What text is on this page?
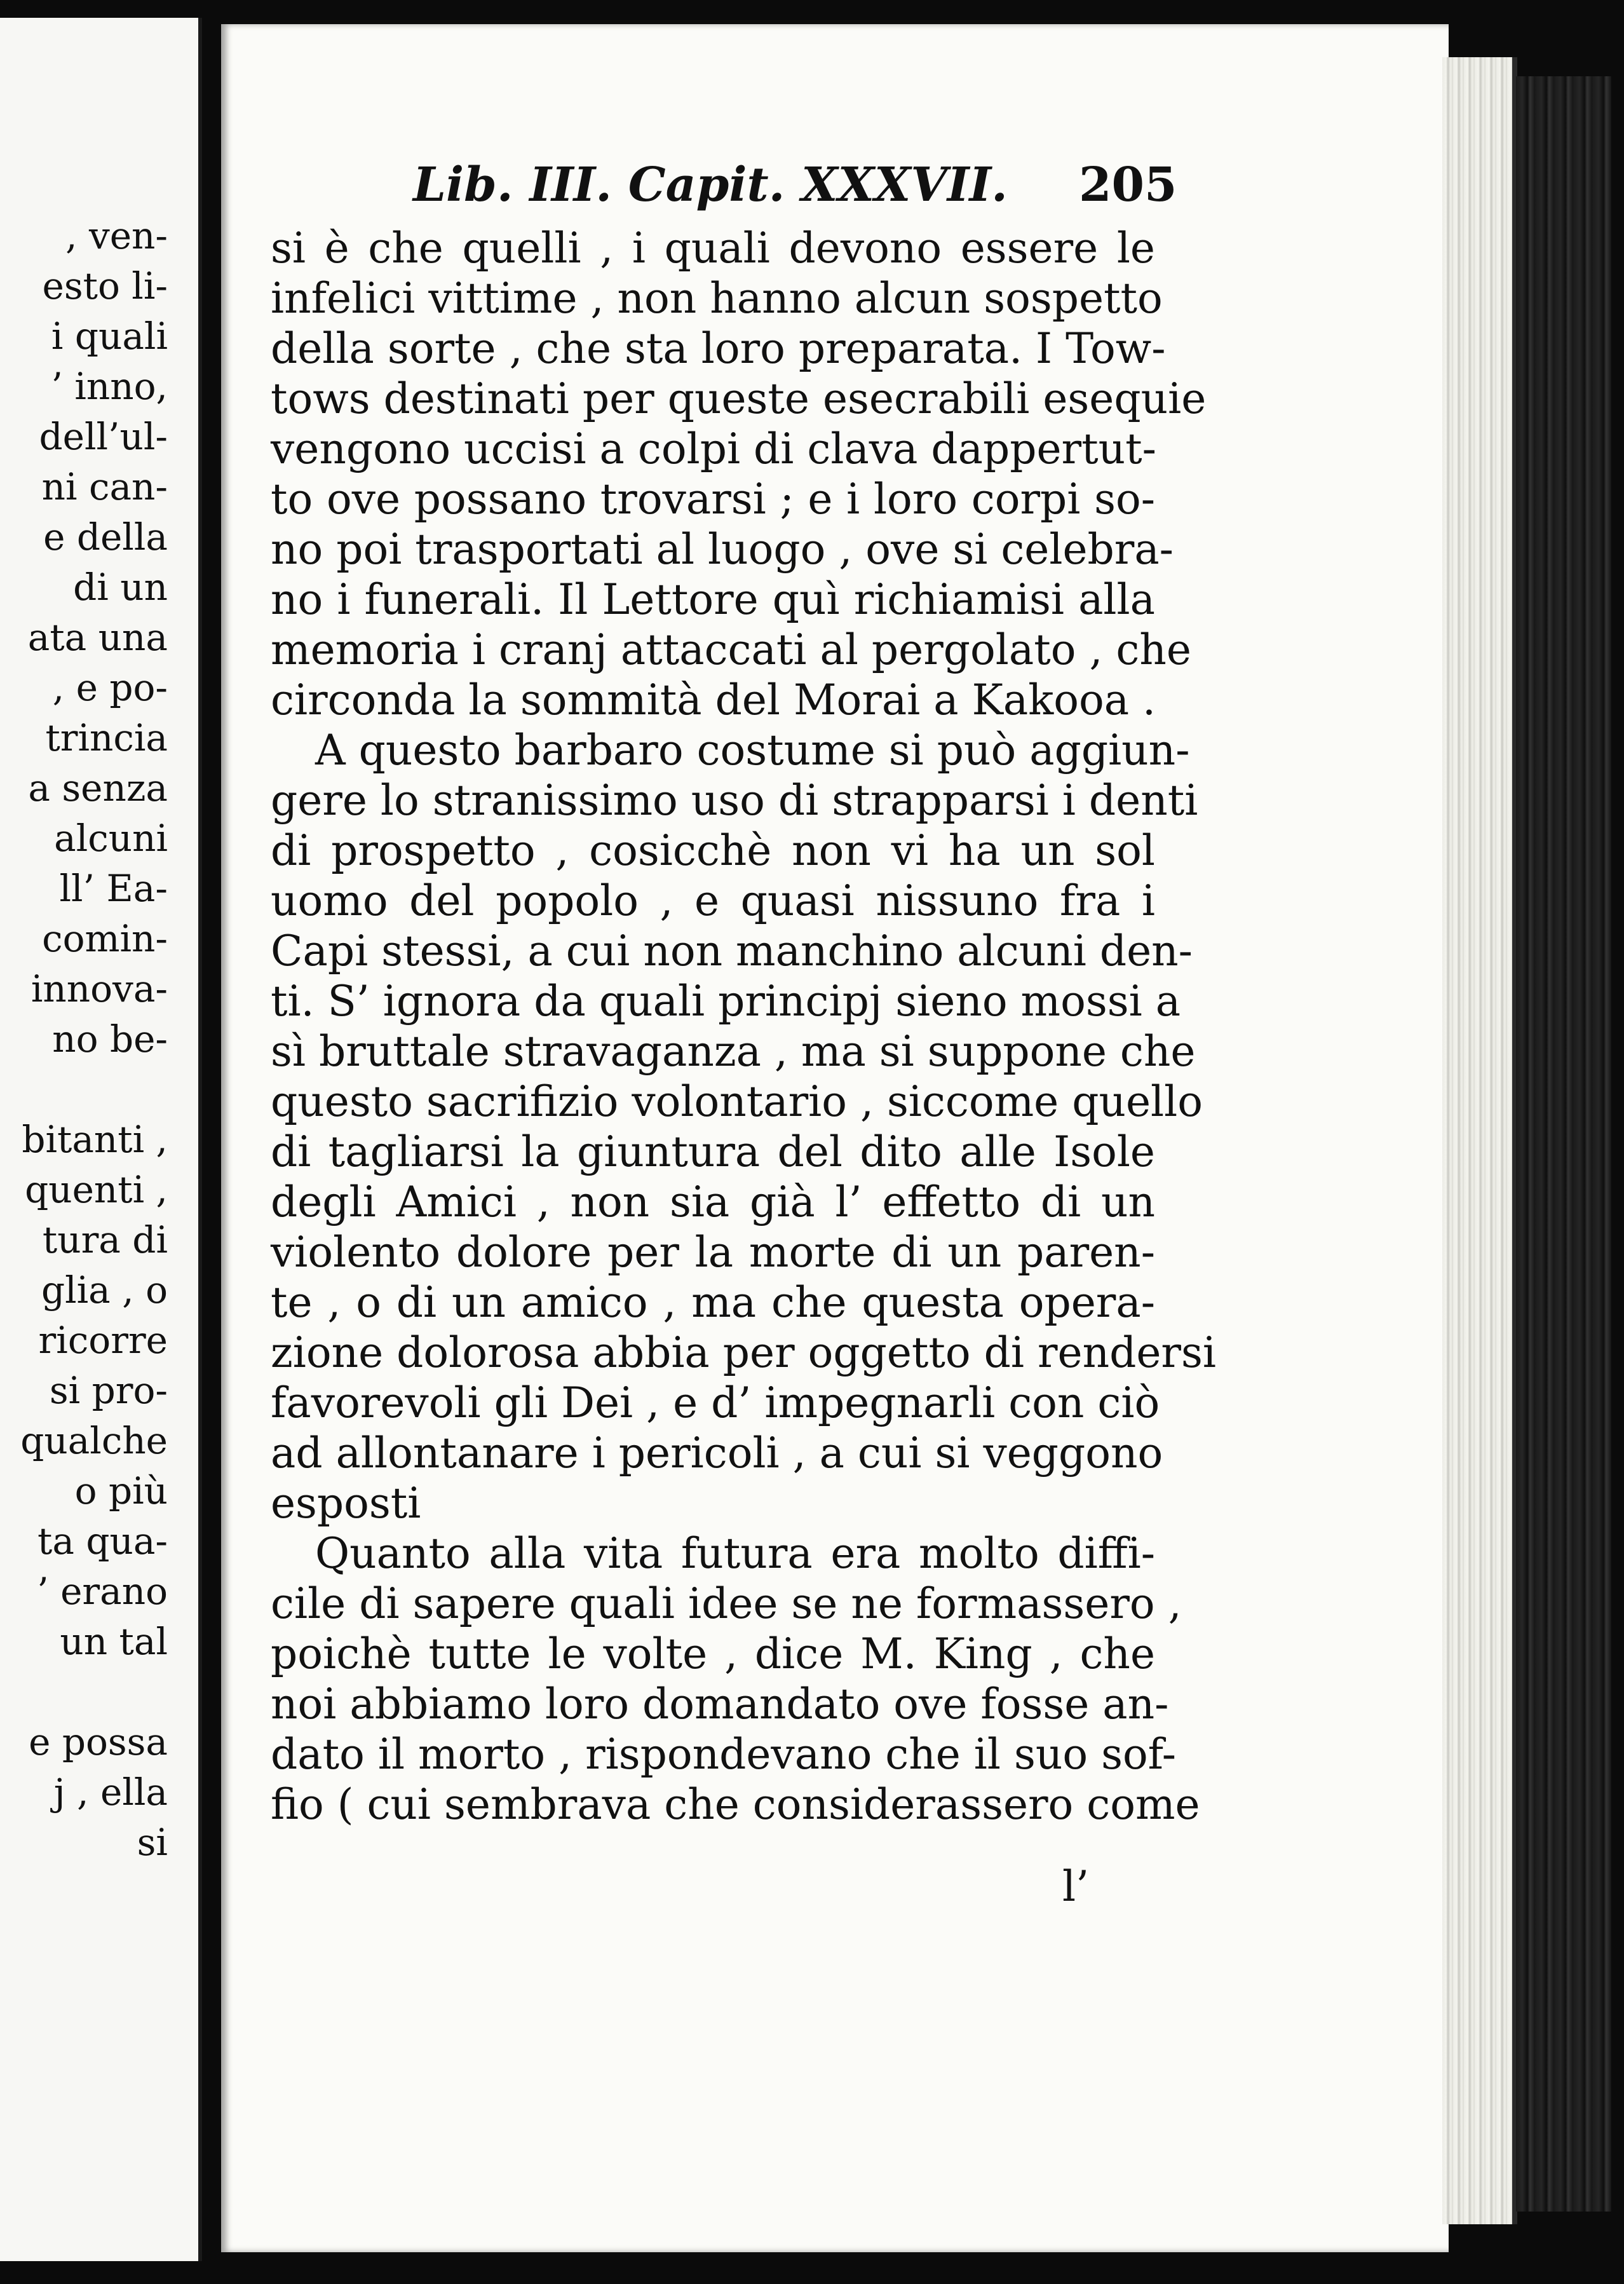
, ven-
esto li-
i quali
’ inno,
dell’ul-
ni can-
e della
di un
ata una
, e po-
trincia
a senza
alcuni
ll’ Ea-
comin-
innova-
no be-
bitanti ,
quenti ,
tura di
glia , o
ricorre
si pro-
qualche
o più
ta qua-
’ erano
un tal
e possa
j , ella
si
Lib. III. Capit. XXXVII. 205
si è che quelli , i quali devono essere le
infelici vittime , non hanno alcun sospetto
della sorte , che sta loro preparata. I Tow-
tows destinati per queste esecrabili esequie
vengono uccisi a colpi di clava dappertut-
to ove possano trovarsi ; e i loro corpi so-
no poi trasportati al luogo , ove si celebra-
no i funerali. Il Lettore quì richiamisi alla
memoria i cranj attaccati al pergolato , che
circonda la sommità del Morai a Kakooa .
A questo barbaro costume si può aggiun-
gere lo stranissimo uso di strapparsi i denti
di prospetto , cosicchè non vi ha un sol
uomo del popolo , e quasi nissuno fra i
Capi stessi, a cui non manchino alcuni den-
ti. S’ ignora da quali principj sieno mossi a
sì bruttale stravaganza , ma si suppone che
questo sacrifizio volontario , siccome quello
di tagliarsi la giuntura del dito alle Isole
degli Amici , non sia già l’ effetto di un
violento dolore per la morte di un paren-
te , o di un amico , ma che questa opera-
zione dolorosa abbia per oggetto di rendersi
favorevoli gli Dei , e d’ impegnarli con ciò
ad allontanare i pericoli , a cui si veggono
esposti
Quanto alla vita futura era molto diffi-
cile di sapere quali idee se ne formassero ,
poichè tutte le volte , dice M. King , che
noi abbiamo loro domandato ove fosse an-
dato il morto , rispondevano che il suo sof-
fio ( cui sembrava che considerassero come
l’
